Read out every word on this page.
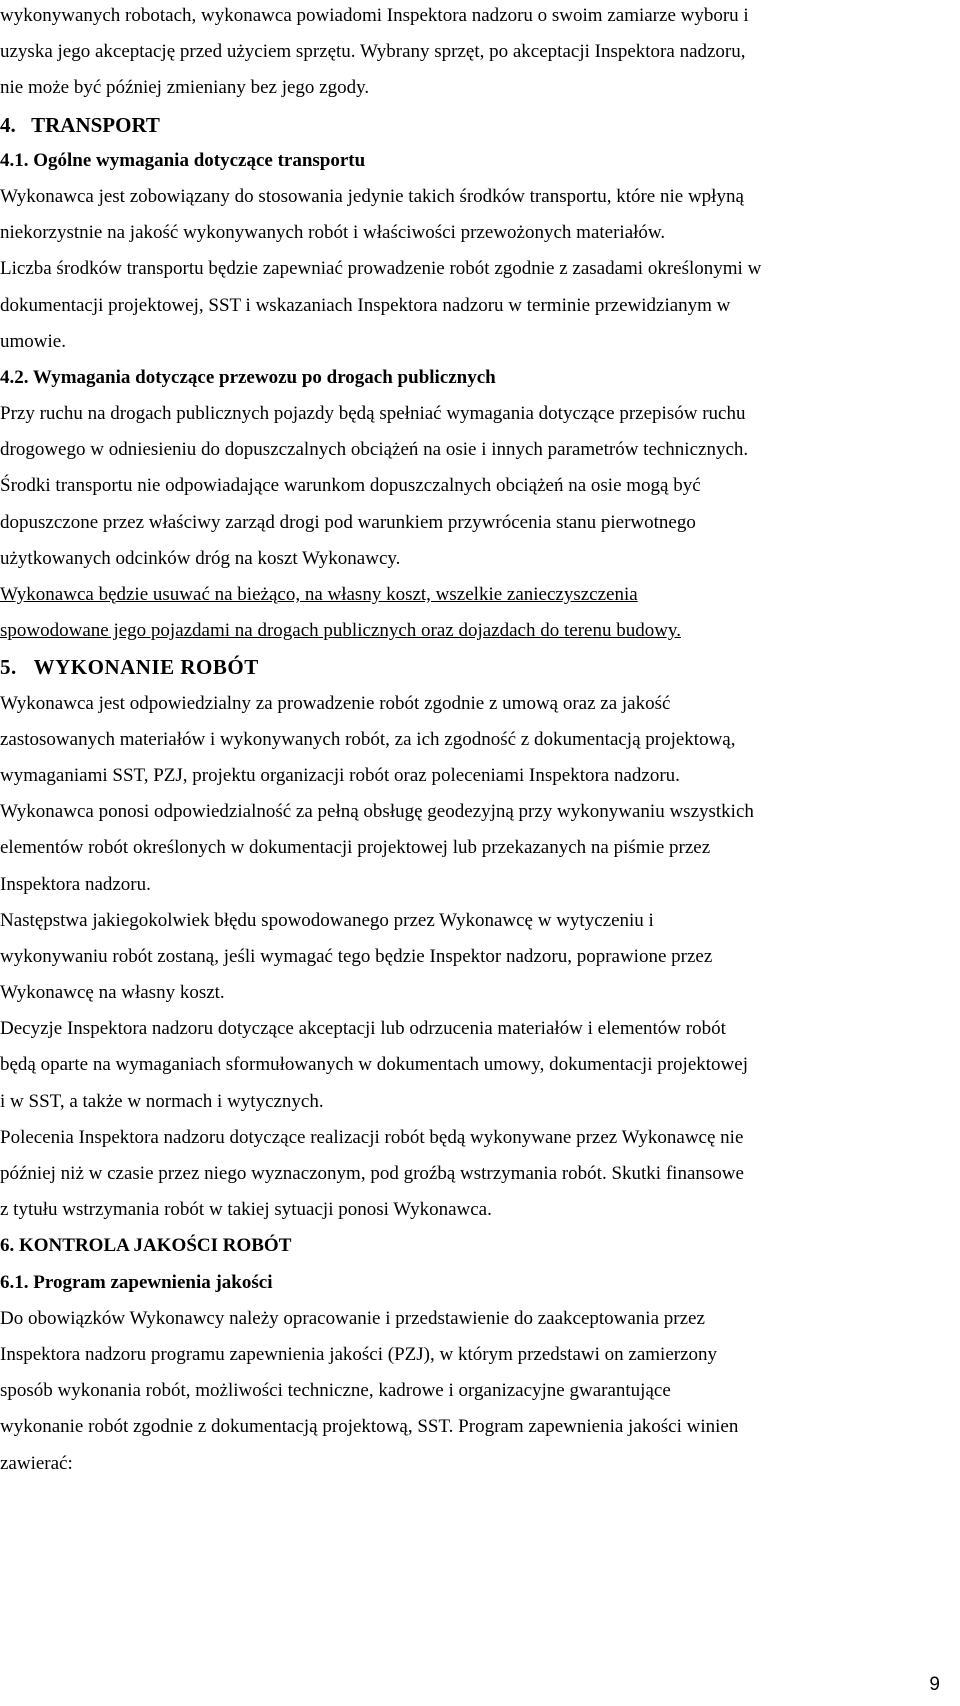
wykonywanych robotach, wykonawca powiadomi Inspektora nadzoru o swoim zamiarze wyboru i
uzyska jego akceptację przed użyciem sprzętu. Wybrany sprzęt, po akceptacji Inspektora nadzoru,
nie może być później zmieniany bez jego zgody.
4.   TRANSPORT
4.1. Ogólne wymagania dotyczące transportu
Wykonawca jest zobowiązany do stosowania jedynie takich środków transportu, które nie wpłyną
niekorzystnie na jakość wykonywanych robót i właściwości przewożonych materiałów.
Liczba środków transportu będzie zapewniać prowadzenie robót zgodnie z zasadami określonymi w
dokumentacji projektowej, SST i wskazaniach Inspektora nadzoru w terminie przewidzianym w
umowie.
4.2. Wymagania dotyczące przewozu po drogach publicznych
Przy ruchu na drogach publicznych pojazdy będą spełniać wymagania dotyczące przepisów ruchu
drogowego w odniesieniu do dopuszczalnych obciążeń na osie i innych parametrów technicznych.
Środki transportu nie odpowiadające warunkom dopuszczalnych obciążeń na osie mogą być
dopuszczone przez właściwy zarząd drogi pod warunkiem przywrócenia stanu pierwotnego
użytkowanych odcinków dróg na koszt Wykonawcy.
Wykonawca będzie usuwać na bieżąco, na własny koszt, wszelkie zanieczyszczenia
spowodowane jego pojazdami na drogach publicznych oraz dojazdach do terenu budowy.
5.   WYKONANIE ROBÓT
Wykonawca jest odpowiedzialny za prowadzenie robót zgodnie z umową oraz za jakość
zastosowanych materiałów i wykonywanych robót, za ich zgodność z dokumentacją projektową,
wymaganiami SST, PZJ, projektu organizacji robót oraz poleceniami Inspektora nadzoru.
Wykonawca ponosi odpowiedzialność za pełną obsługę geodezyjną przy wykonywaniu wszystkich
elementów robót określonych w dokumentacji projektowej lub przekazanych na piśmie przez
Inspektora nadzoru.
Następstwa jakiegokolwiek błędu spowodowanego przez Wykonawcę w wytyczeniu i
wykonywaniu robót zostaną, jeśli wymagać tego będzie Inspektor nadzoru, poprawione przez
Wykonawcę na własny koszt.
Decyzje Inspektora nadzoru dotyczące akceptacji lub odrzucenia materiałów i elementów robót
będą oparte na wymaganiach sformułowanych w dokumentach umowy, dokumentacji projektowej
i w SST, a także w normach i wytycznych.
Polecenia Inspektora nadzoru dotyczące realizacji robót będą wykonywane przez Wykonawcę nie
później niż w czasie przez niego wyznaczonym, pod groźbą wstrzymania robót. Skutki finansowe
z tytułu wstrzymania robót w takiej sytuacji ponosi Wykonawca.
6. KONTROLA JAKOŚCI ROBÓT
6.1. Program zapewnienia jakości
Do obowiązków Wykonawcy należy opracowanie i przedstawienie do zaakceptowania przez
Inspektora nadzoru programu zapewnienia jakości (PZJ), w którym przedstawi on zamierzony
sposób wykonania robót, możliwości techniczne, kadrowe i organizacyjne gwarantujące
wykonanie robót zgodnie z dokumentacją projektową, SST. Program zapewnienia jakości winien
zawierać:
9
